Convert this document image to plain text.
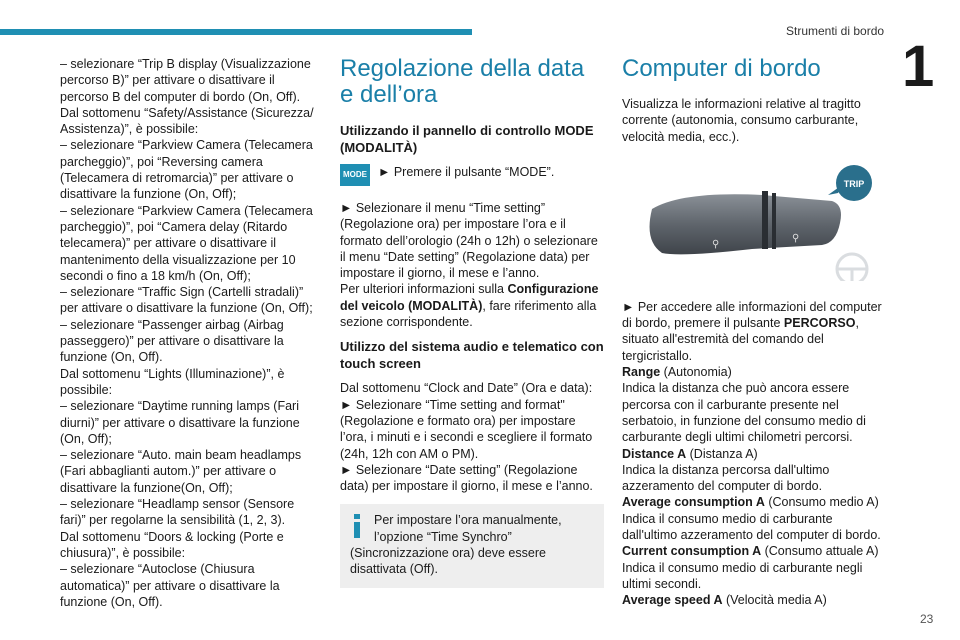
Strumenti di bordo
1
23

– selezionare “Trip B display (Visualizzazione percorso B)” per attivare o disattivare il percorso B del computer di bordo (On, Off).

Dal sottomenu “Safety/Assistance (Sicurezza/ Assistenza)”, è possibile:

– selezionare “Parkview Camera (Telecamera parcheggio)”, poi “Reversing camera (Telecamera di retromarcia)” per attivare o disattivare la funzione (On, Off);

– selezionare “Parkview Camera (Telecamera parcheggio)”, poi “Camera delay (Ritardo telecamera)” per attivare o disattivare il mantenimento della visualizzazione per 10 secondi o fino a 18 km/h (On, Off);

– selezionare “Traffic Sign (Cartelli stradali)” per attivare o disattivare la funzione (On, Off);

– selezionare “Passenger airbag (Airbag passeggero)” per attivare o disattivare la funzione (On, Off).

Dal sottomenu “Lights (Illuminazione)”, è possibile:

– selezionare “Daytime running lamps (Fari diurni)” per attivare o disattivare la funzione (On, Off);

– selezionare “Auto. main beam headlamps (Fari abbaglianti autom.)” per attivare o disattivare la funzione(On, Off);

– selezionare “Headlamp sensor (Sensore fari)” per regolarne la sensibilità (1, 2, 3).

Dal sottomenu “Doors & locking (Porte e chiusura)”, è possibile:

– selezionare “Autoclose (Chiusura automatica)” per attivare o disattivare la funzione (On, Off).

Regolazione della data e dell’ora

Utilizzando il pannello di controllo MODE (MODALITÀ)

MODE ► Premere il pulsante “MODE”.

► Selezionare il menu “Time setting” (Regolazione ora) per impostare l’ora e il formato dell’orologio (24h o 12h) o selezionare il menu “Date setting” (Regolazione data) per impostare il giorno, il mese e l’anno.

Per ulteriori informazioni sulla Configurazione del veicolo (MODALITÀ), fare riferimento alla sezione corrispondente.

Utilizzo del sistema audio e telematico con touch screen

Dal sottomenu “Clock and Date” (Ora e data):

► Selezionare “Time setting and format" (Regolazione e formato ora) per impostare l’ora, i minuti e i secondi e scegliere il formato (24h, 12h con AM o PM).

► Selezionare “Date setting” (Regolazione data) per impostare il giorno, il mese e l’anno.

Per impostare l’ora manualmente, l’opzione “Time Synchro” (Sincronizzazione ora) deve essere disattivata (Off).
Computer di bordo

Visualizza le informazioni relative al tragitto corrente (autonomia, consumo carburante, velocità media, ecc.).

⚲
⚲
TRIP

► Per accedere alle informazioni del computer di bordo, premere il pulsante PERCORSO, situato all'estremità del comando del tergicristallo.

Range (Autonomia)

Indica la distanza che può ancora essere percorsa con il carburante presente nel serbatoio, in funzione del consumo medio di carburante degli ultimi chilometri percorsi.

Distance A (Distanza A)

Indica la distanza percorsa dall'ultimo azzeramento del computer di bordo.

Average consumption A (Consumo medio A)

Indica il consumo medio di carburante dall'ultimo azzeramento del computer di bordo.

Current consumption A (Consumo attuale A)

Indica il consumo medio di carburante negli ultimi secondi.

Average speed A (Velocità media A)
